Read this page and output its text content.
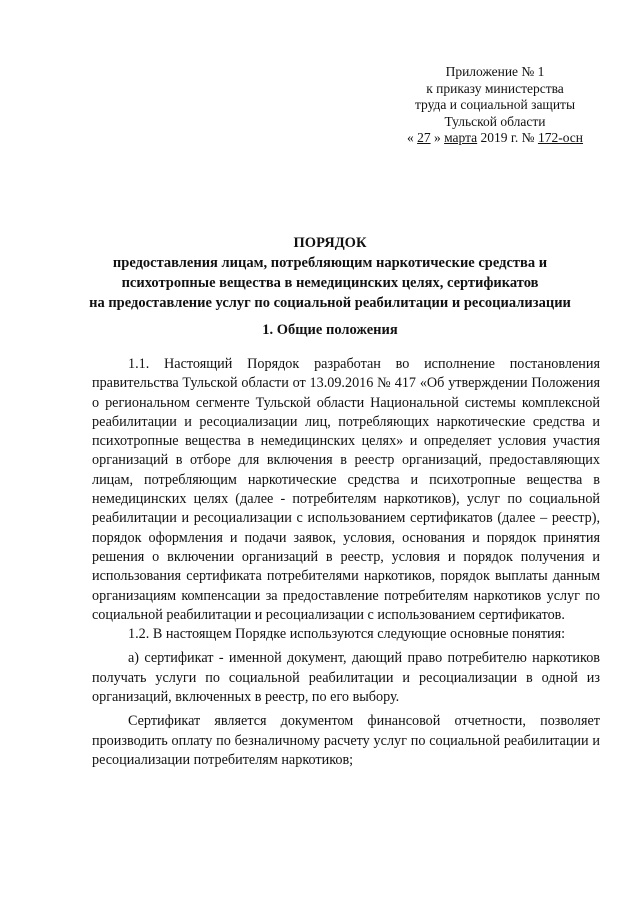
Приложение № 1
к приказу министерства
труда и социальной защиты
Тульской области
« 27 » марта 2019 г. № 172-осн
ПОРЯДОК
предоставления лицам, потребляющим наркотические средства и
психотропные вещества в немедицинских целях, сертификатов
на предоставление услуг по социальной реабилитации и ресоциализации
1. Общие положения

1.1. Настоящий Порядок разработан во исполнение постановления правительства Тульской области от 13.09.2016 № 417 «Об утверждении Положения о региональном сегменте Тульской области Национальной системы комплексной реабилитации и ресоциализации лиц, потребляющих наркотические средства и психотропные вещества в немедицинских целях» и определяет условия участия организаций в отборе для включения в реестр организаций, предоставляющих лицам, потребляющим наркотические средства и психотропные вещества в немедицинских целях (далее - потребителям наркотиков), услуг по социальной реабилитации и ресоциализации с использованием сертификатов (далее – реестр), порядок оформления и подачи заявок, условия, основания и порядок принятия решения о включении организаций в реестр, условия и порядок получения и использования сертификата потребителями наркотиков, порядок выплаты данным организациям компенсации за предоставление потребителям наркотиков услуг по социальной реабилитации и ресоциализации с использованием сертификатов.

1.2. В настоящем Порядке используются следующие основные понятия:

а) сертификат - именной документ, дающий право потребителю наркотиков получать услуги по социальной реабилитации и ресоциализации в одной из организаций, включенных в реестр, по его выбору.

Сертификат является документом финансовой отчетности, позволяет производить оплату по безналичному расчету услуг по социальной реабилитации и ресоциализации потребителям наркотиков;
